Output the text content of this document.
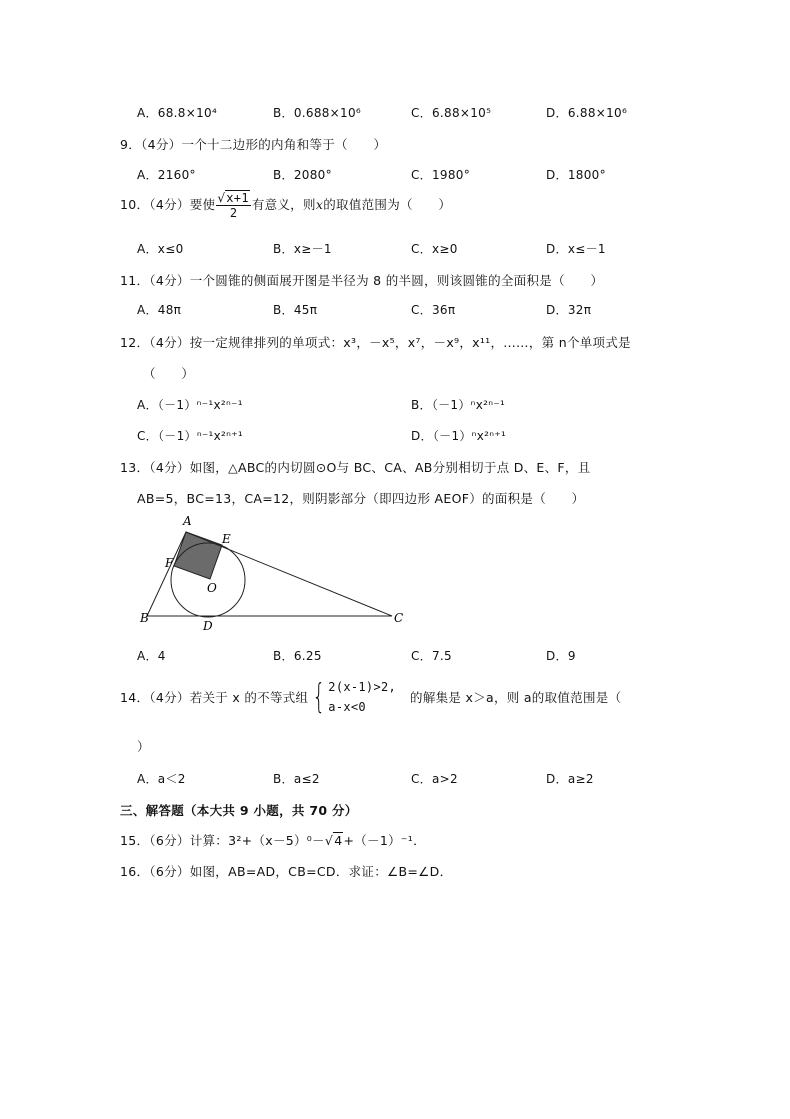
A．68.8×10⁴	B．0.688×10⁶	C．6.88×10⁵	D．6.88×10⁶
9．（4分）一个十二边形的内角和等于（　　）
A．2160°	B．2080°	C．1980°	D．1800°
10．（4分）要使 $\frac{√x+1}{2}$ 有意义，则x的取值范围为（　　）
A．x≤0	B．x≥－1	C．x≥0	D．x≤－1
11．（4分）一个圆锥的侧面展开图是半径为 8 的半圆，则该圆锥的全面积是（　　）
A．48π	B．45π	C．36π	D．32π
12．（4分）按一定规律排列的单项式：x³，－x⁵，x⁷，－x⁹，x¹¹，……，第 n个单项式是
（　　）
A．（－1）ⁿ⁻¹x²ⁿ⁻¹	B．（－1）ⁿx²ⁿ⁻¹
C．（－1）ⁿ⁻¹x²ⁿ⁺¹	D．（－1）ⁿx²ⁿ⁺¹
13．（4分）如图，△ABC的内切圆⊙O与 BC、CA、AB分别相切于点 D、E、F，且
AB=5，BC=13，CA=12，则阴影部分（即四边形 AEOF）的面积是（　　）
A
F
E
O
B
D
C
A．4	B．6.25	C．7.5	D．9
14．（4分）若关于 x 的不等式组 { 2(x-1)>2,
a-x<0
的解集是 x＞a，则 a的取值范围是（
）
A．a＜2	B．a≤2	C．a>2	D．a≥2
三、解答题（本大共 9 小题，共 70 分）
15．（6分）计算：3²+（x－5）⁰－√4+（－1）⁻¹．
16．（6分）如图，AB=AD，CB=CD．求证：∠B=∠D．
